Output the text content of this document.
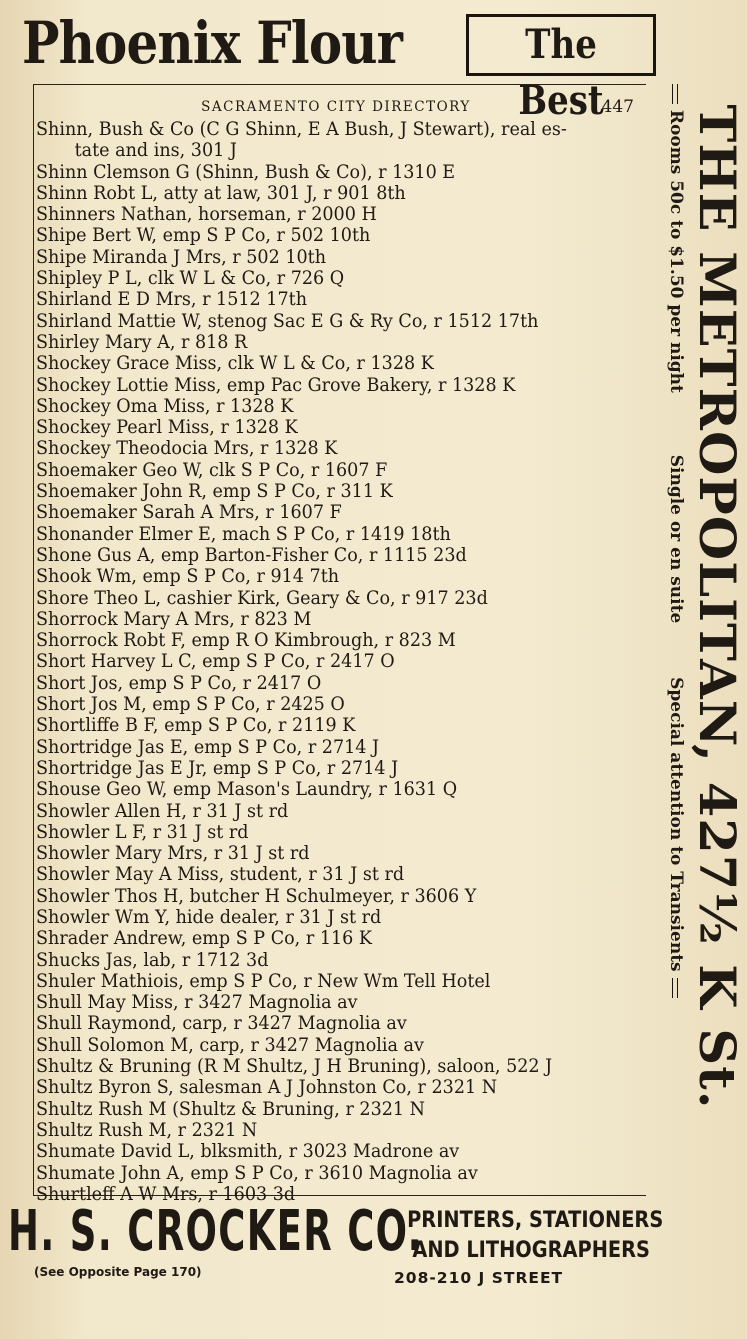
Phoenix Flour	The Best
SACRAMENTO CITY DIRECTORY	447
Shinn, Bush & Co (C G Shinn, E A Bush, J Stewart), real es-
tate and ins, 301 J
Shinn Clemson G (Shinn, Bush & Co), r 1310 E
Shinn Robt L, atty at law, 301 J, r 901 8th
Shinners Nathan, horseman, r 2000 H
Shipe Bert W, emp S P Co, r 502 10th
Shipe Miranda J Mrs, r 502 10th
Shipley P L, clk W L & Co, r 726 Q
Shirland E D Mrs, r 1512 17th
Shirland Mattie W, stenog Sac E G & Ry Co, r 1512 17th
Shirley Mary A, r 818 R
Shockey Grace Miss, clk W L & Co, r 1328 K
Shockey Lottie Miss, emp Pac Grove Bakery, r 1328 K
Shockey Oma Miss, r 1328 K
Shockey Pearl Miss, r 1328 K
Shockey Theodocia Mrs, r 1328 K
Shoemaker Geo W, clk S P Co, r 1607 F
Shoemaker John R, emp S P Co, r 311 K
Shoemaker Sarah A Mrs, r 1607 F
Shonander Elmer E, mach S P Co, r 1419 18th
Shone Gus A, emp Barton-Fisher Co, r 1115 23d
Shook Wm, emp S P Co, r 914 7th
Shore Theo L, cashier Kirk, Geary & Co, r 917 23d
Shorrock Mary A Mrs, r 823 M
Shorrock Robt F, emp R O Kimbrough, r 823 M
Short Harvey L C, emp S P Co, r 2417 O
Short Jos, emp S P Co, r 2417 O
Short Jos M, emp S P Co, r 2425 O
Shortliffe B F, emp S P Co, r 2119 K
Shortridge Jas E, emp S P Co, r 2714 J
Shortridge Jas E Jr, emp S P Co, r 2714 J
Shouse Geo W, emp Mason's Laundry, r 1631 Q
Showler Allen H, r 31 J st rd
Showler L F, r 31 J st rd
Showler Mary Mrs, r 31 J st rd
Showler May A Miss, student, r 31 J st rd
Showler Thos H, butcher H Schulmeyer, r 3606 Y
Showler Wm Y, hide dealer, r 31 J st rd
Shrader Andrew, emp S P Co, r 116 K
Shucks Jas, lab, r 1712 3d
Shuler Mathiois, emp S P Co, r New Wm Tell Hotel
Shull May Miss, r 3427 Magnolia av
Shull Raymond, carp, r 3427 Magnolia av
Shull Solomon M, carp, r 3427 Magnolia av
Shultz & Bruning (R M Shultz, J H Bruning), saloon, 522 J
Shultz Byron S, salesman A J Johnston Co, r 2321 N
Shultz Rush M (Shultz & Bruning, r 2321 N
Shultz Rush M, r 2321 N
Shumate David L, blksmith, r 3023 Madrone av
Shumate John A, emp S P Co, r 3610 Magnolia av
Shurtleff A W Mrs, r 1603 3d
THE METROPOLITAN, 427½ K St.
Rooms 50c to $1.50 per night  Single or en suite  Special attention to Transients
H. S. CROCKER CO.
PRINTERS, STATIONERS
AND LITHOGRAPHERS
(See Opposite Page 170)	208-210 J STREET
